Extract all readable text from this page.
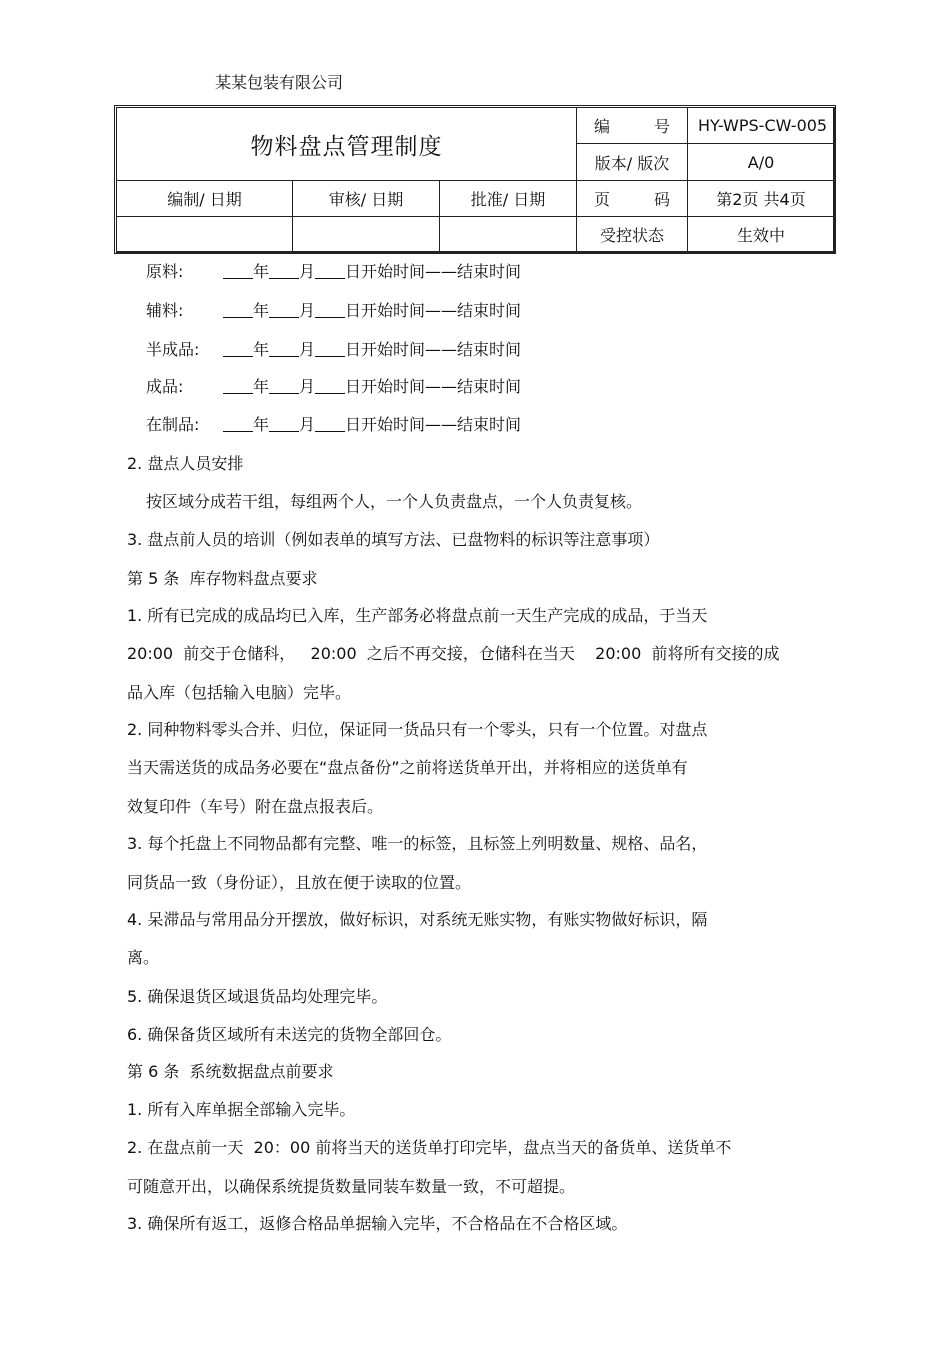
某某包装有限公司
物料盘点管理制度			编 号	HY-WPS-CW-005
			版本/ 版次	A/0
编制/ 日期	审核/ 日期	批准/ 日期	页 码	第2页 共4页
			受控状态	生效中
原料:	年 月 日开始时间——结束时间
辅料:	年 月 日开始时间——结束时间
半成品:	年 月 日开始时间——结束时间
成品:	年 月 日开始时间——结束时间
在制品:	年 月 日开始时间——结束时间
2. 盘点人员安排
按区域分成若干组，每组两个人，一个人负责盘点，一个人负责复核。
3. 盘点前人员的培训（例如表单的填写方法、已盘物料的标识等注意事项）
第 5 条  库存物料盘点要求
1. 所有已完成的成品均已入库，生产部务必将盘点前一天生产完成的成品，于当天
20:00  前交于仓储科，   20:00  之后不再交接，仓储科在当天    20:00  前将所有交接的成
品入库（包括输入电脑）完毕。
2. 同种物料零头合并、归位，保证同一货品只有一个零头，只有一个位置。对盘点
当天需送货的成品务必要在“盘点备份”之前将送货单开出，并将相应的送货单有
效复印件（车号）附在盘点报表后。
3. 每个托盘上不同物品都有完整、唯一的标签，且标签上列明数量、规格、品名，
同货品一致（身份证），且放在便于读取的位置。
4. 呆滞品与常用品分开摆放，做好标识，对系统无账实物，有账实物做好标识，隔
离。
5. 确保退货区域退货品均处理完毕。
6. 确保备货区域所有未送完的货物全部回仓。
第 6 条  系统数据盘点前要求
1. 所有入库单据全部输入完毕。
2. 在盘点前一天  20：00 前将当天的送货单打印完毕，盘点当天的备货单、送货单不
可随意开出，以确保系统提货数量同装车数量一致，不可超提。
3. 确保所有返工，返修合格品单据输入完毕，不合格品在不合格区域。
